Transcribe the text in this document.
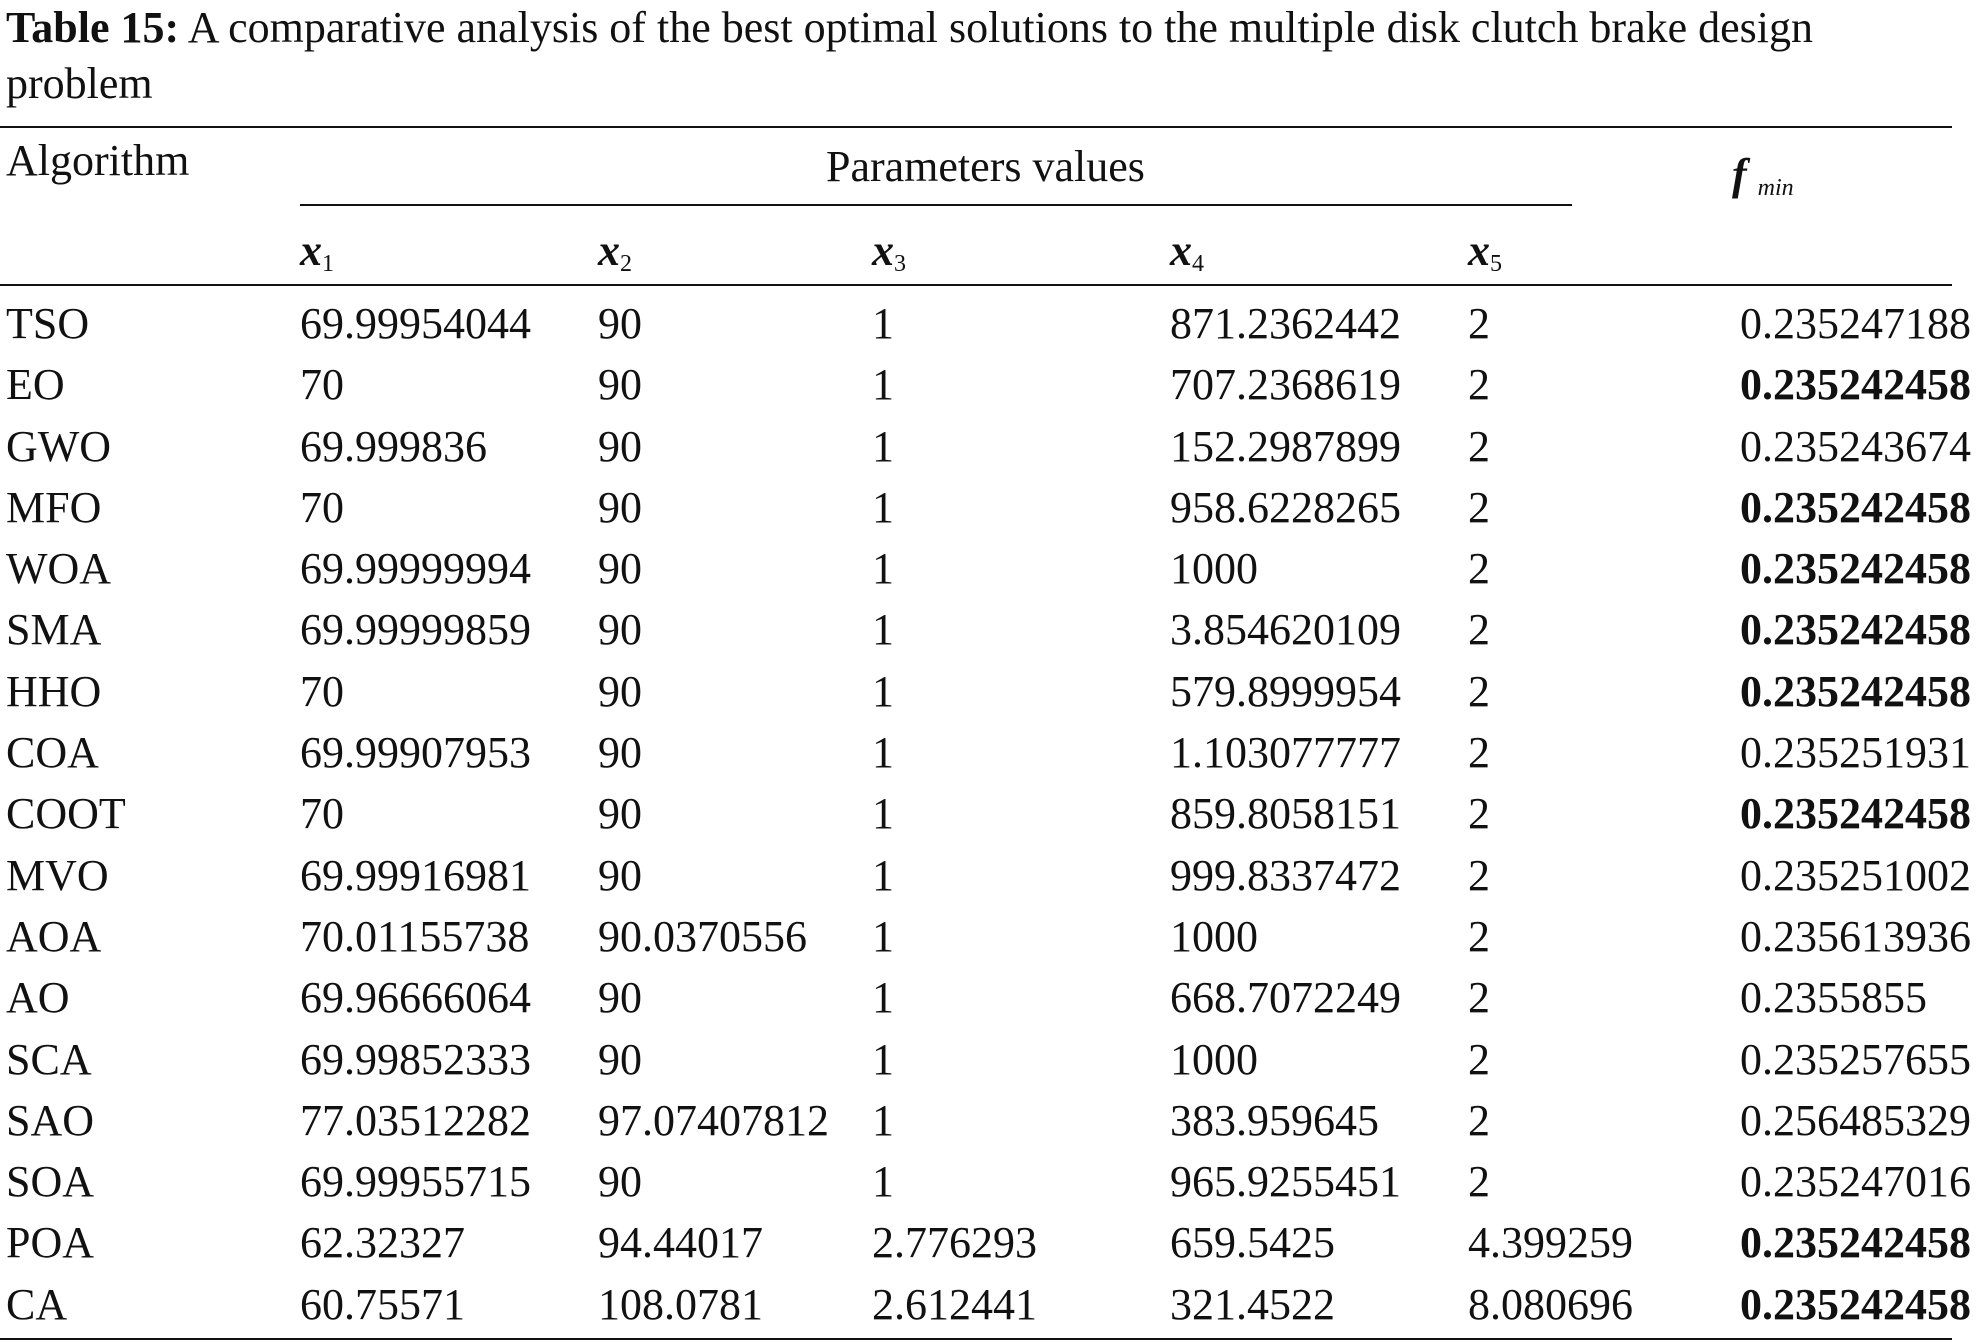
Table 15: A comparative analysis of the best optimal solutions to the multiple disk clutch brake design problem
Algorithm	Parameters values	f $_{min}$
$x_1$	$x_2$	$x_3$	$x_4$	$x_5$
TSO	69.99954044 90	1	871.2362442 2	0.235247188
EO	70	90	1	707.2368619 2	0.235242458
GWO	69.999836	90	1	152.2987899 2	0.235243674
MFO	70	90	1	958.6228265 2	0.235242458
WOA	69.99999994 90	1	1000	2	0.235242458
SMA	69.99999859 90	1	3.854620109 2	0.235242458
HHO	70	90	1	579.8999954 2	0.235242458
COA	69.99907953 90	1	1.103077777 2	0.235251931
COOT	70	90	1	859.8058151 2	0.235242458
MVO	69.99916981 90	1	999.8337472 2	0.235251002
AOA	70.01155738 90.0370556 1	1000	2	0.235613936
AO	69.96666064 90	1	668.7072249 2	0.2355855
SCA	69.99852333 90	1	1000	2	0.235257655
SAO	77.03512282 97.07407812 1	383.959645 2	0.256485329
SOA	69.99955715 90	1	965.9255451 2	0.235247016
POA	62.32327	94.44017 2.776293	659.5425	4.399259 0.235242458
CA	60.75571	108.0781 2.612441	321.4522	8.080696 0.235242458
